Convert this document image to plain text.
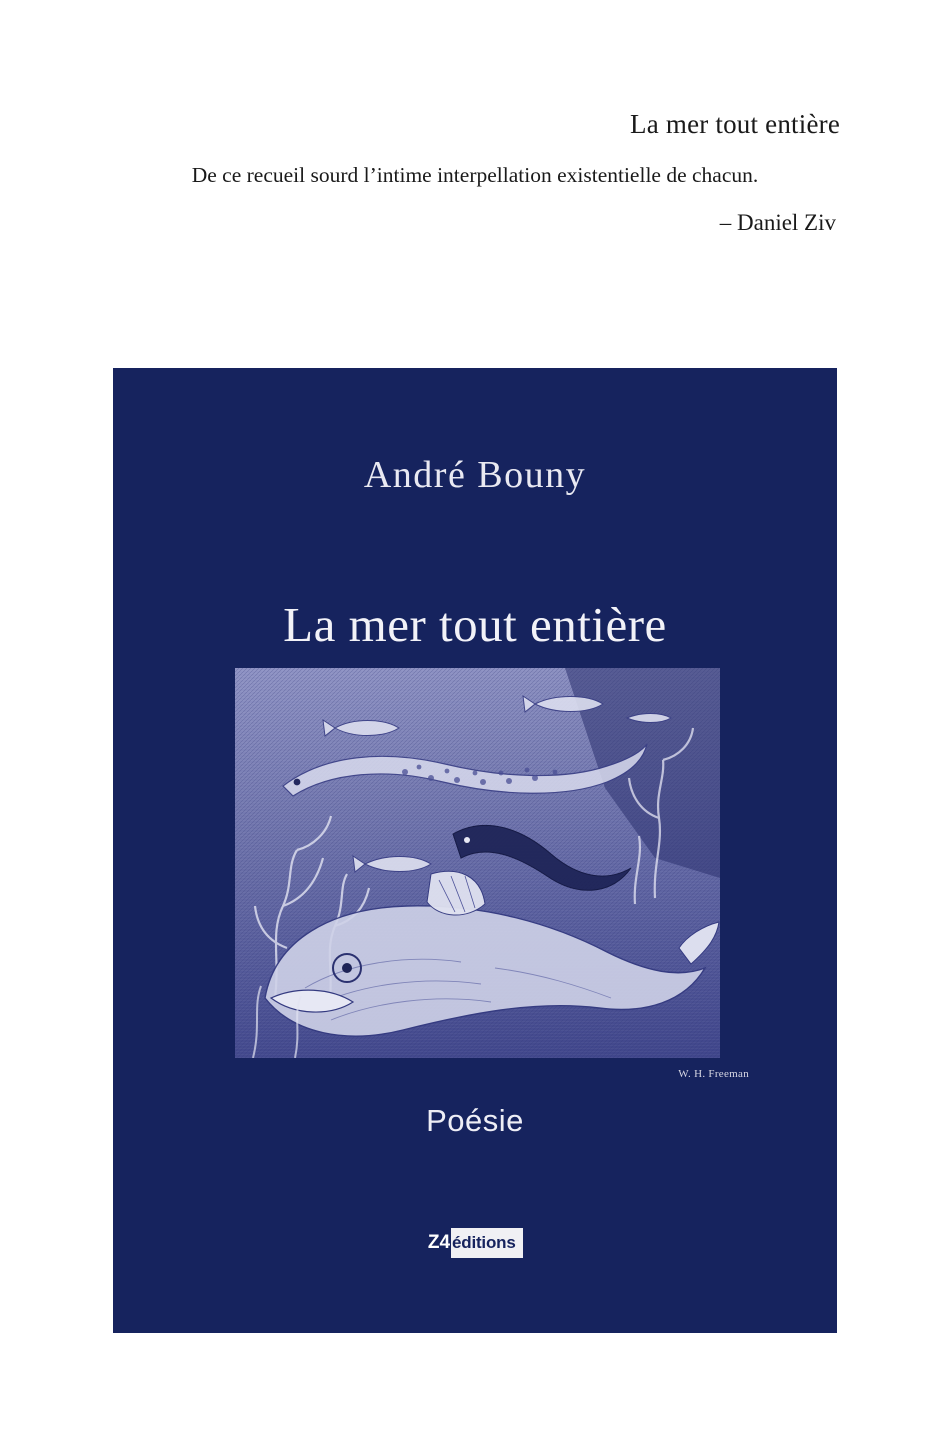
La mer tout entière
De ce recueil sourd l’intime interpellation existentielle de chacun.
– Daniel Ziv
André Bouny
La mer tout entière
W. H. Freeman
Poésie
Z4 éditions
